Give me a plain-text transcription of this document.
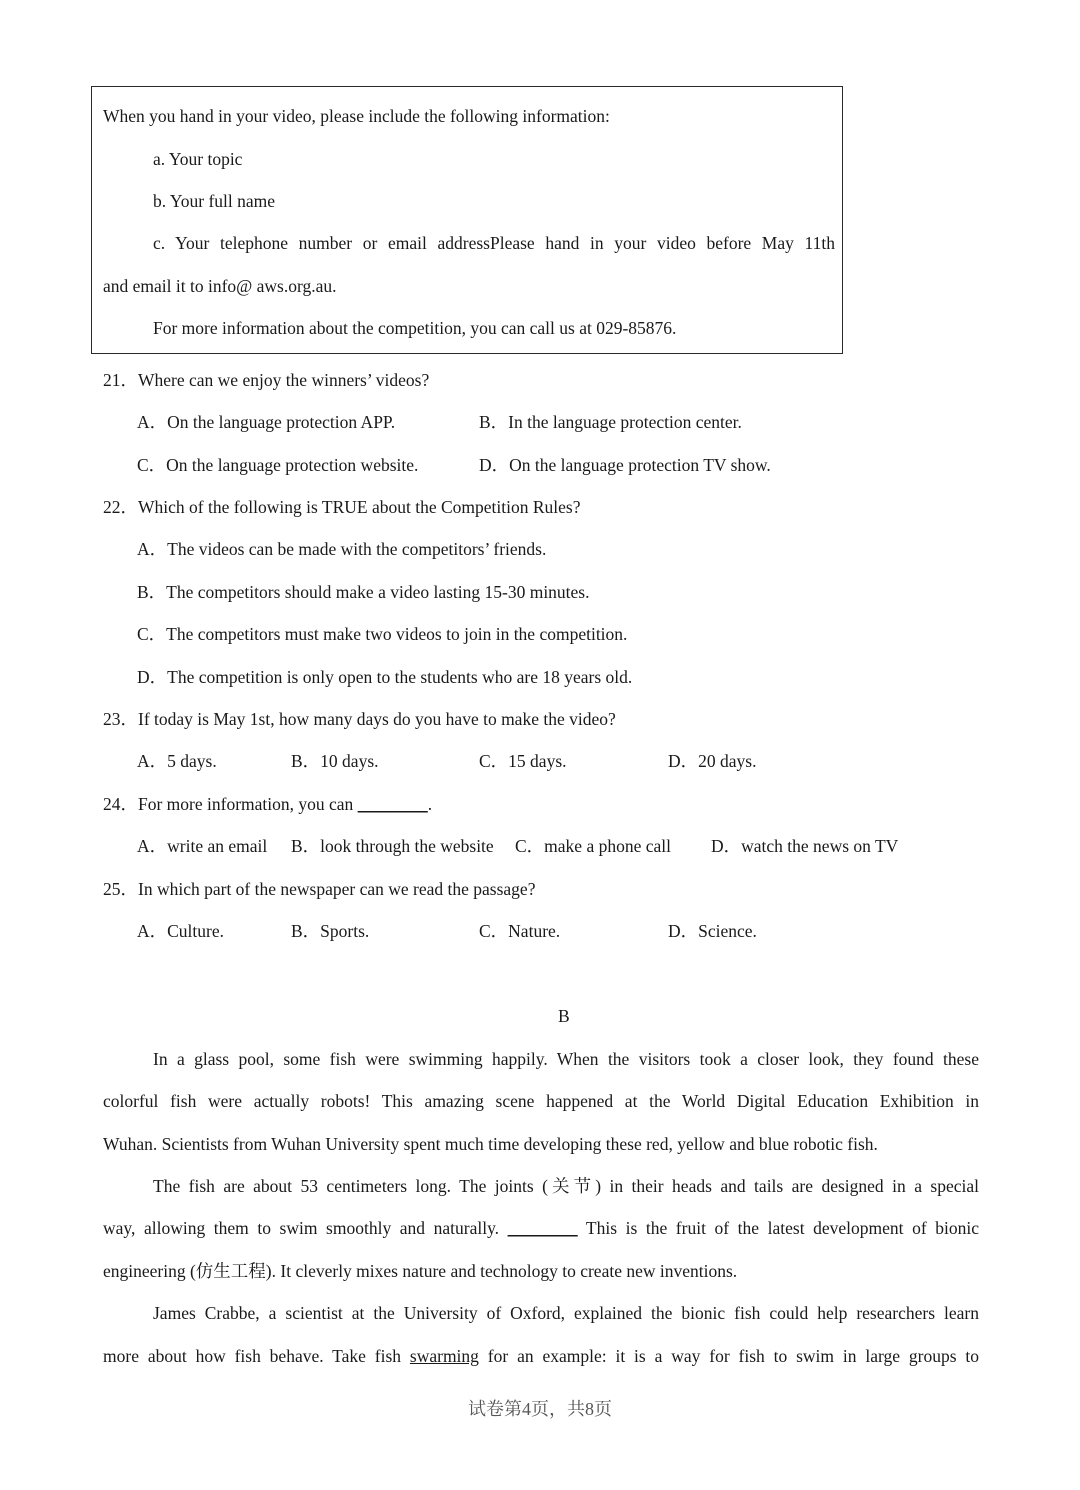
When you hand in your video, please include the following information:
a. Your topic
b. Your full name
c. Your telephone number or email addressPlease hand in your video before May 11th
and email it to info@ aws.org.au.
For more information about the competition, you can call us at 029-85876.
21．Where can we enjoy the winners’ videos?
A．On the language protection APP.	B．In the language protection center.
C．On the language protection website.	D．On the language protection TV show.
22．Which of the following is TRUE about the Competition Rules?
A．The videos can be made with the competitors’ friends.
B．The competitors should make a video lasting 15-30 minutes.
C．The competitors must make two videos to join in the competition.
D．The competition is only open to the students who are 18 years old.
23．If today is May 1st, how many days do you have to make the video?
A．5 days.	B．10 days.	C．15 days.	D．20 days.
24．For more information, you can ________.
A．write an email B．look through the website C．make a phone call D．watch the news on TV
25．In which part of the newspaper can we read the passage?
A．Culture.	B．Sports.	C．Nature.	D．Science.
B
In a glass pool, some fish were swimming happily. When the visitors took a closer look, they found these
colorful fish were actually robots! This amazing scene happened at the World Digital Education Exhibition in
Wuhan. Scientists from Wuhan University spent much time developing these red, yellow and blue robotic fish.
The fish are about 53 centimeters long. The joints (关节) in their heads and tails are designed in a special
way, allowing them to swim smoothly and naturally. ________ This is the fruit of the latest development of bionic
engineering (仿生工程). It cleverly mixes nature and technology to create new inventions.
James Crabbe, a scientist at the University of Oxford, explained the bionic fish could help researchers learn
more about how fish behave. Take fish swarming for an example: it is a way for fish to swim in large groups to
试卷第4页，共8页
